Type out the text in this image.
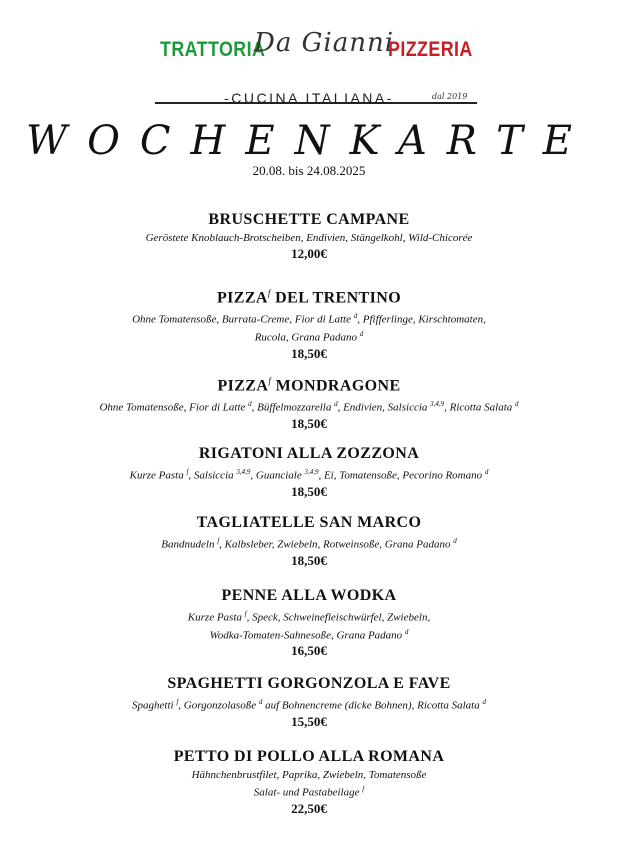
TRATTORIA
Da Gianni
PIZZERIA
-CUCINA ITALIANA-	dal 2019
WOCHENKARTE
20.08. bis 24.08.2025
BRUSCHETTE CAMPANE
Geröstete Knoblauch-Brotscheiben, Endivien, Stängelkohl, Wild-Chicorée
12,00€
PIZZA$^f$ DEL TRENTINO
Ohne Tomatensoße, Burrata-Creme, Fior di Latte $^d$, Pfifferlinge, Kirschtomaten,
Rucola, Grana Padano $^d$
18,50€
PIZZA$^f$ MONDRAGONE
Ohne Tomatensoße, Fior di Latte $^d$, Büffelmozzarella $^d$, Endivien, Salsiccia $^{3,4,9}$, Ricotta Salata $^d$
18,50€
RIGATONI ALLA ZOZZONA
Kurze Pasta $^f$, Salsiccia $^{3,4,9}$, Guanciale $^{3,4,9}$, Ei, Tomatensoße, Pecorino Romano $^d$
18,50€
TAGLIATELLE SAN MARCO
Bandnudeln $^f$, Kalbsleber, Zwiebeln, Rotweinsoße, Grana Padano $^d$
18,50€
PENNE ALLA WODKA
Kurze Pasta $^f$, Speck, Schweinefleischwürfel, Zwiebeln,
Wodka-Tomaten-Sahnesoße, Grana Padano $^d$
16,50€
SPAGHETTI GORGONZOLA E FAVE
Spaghetti $^f$, Gorgonzolasoße $^d$ auf Bohnencreme (dicke Bohnen), Ricotta Salata $^d$
15,50€
PETTO DI POLLO ALLA ROMANA
Hähnchenbrustfilet, Paprika, Zwiebeln, Tomatensoße
Salat- und Pastabeilage $^f$
22,50€
